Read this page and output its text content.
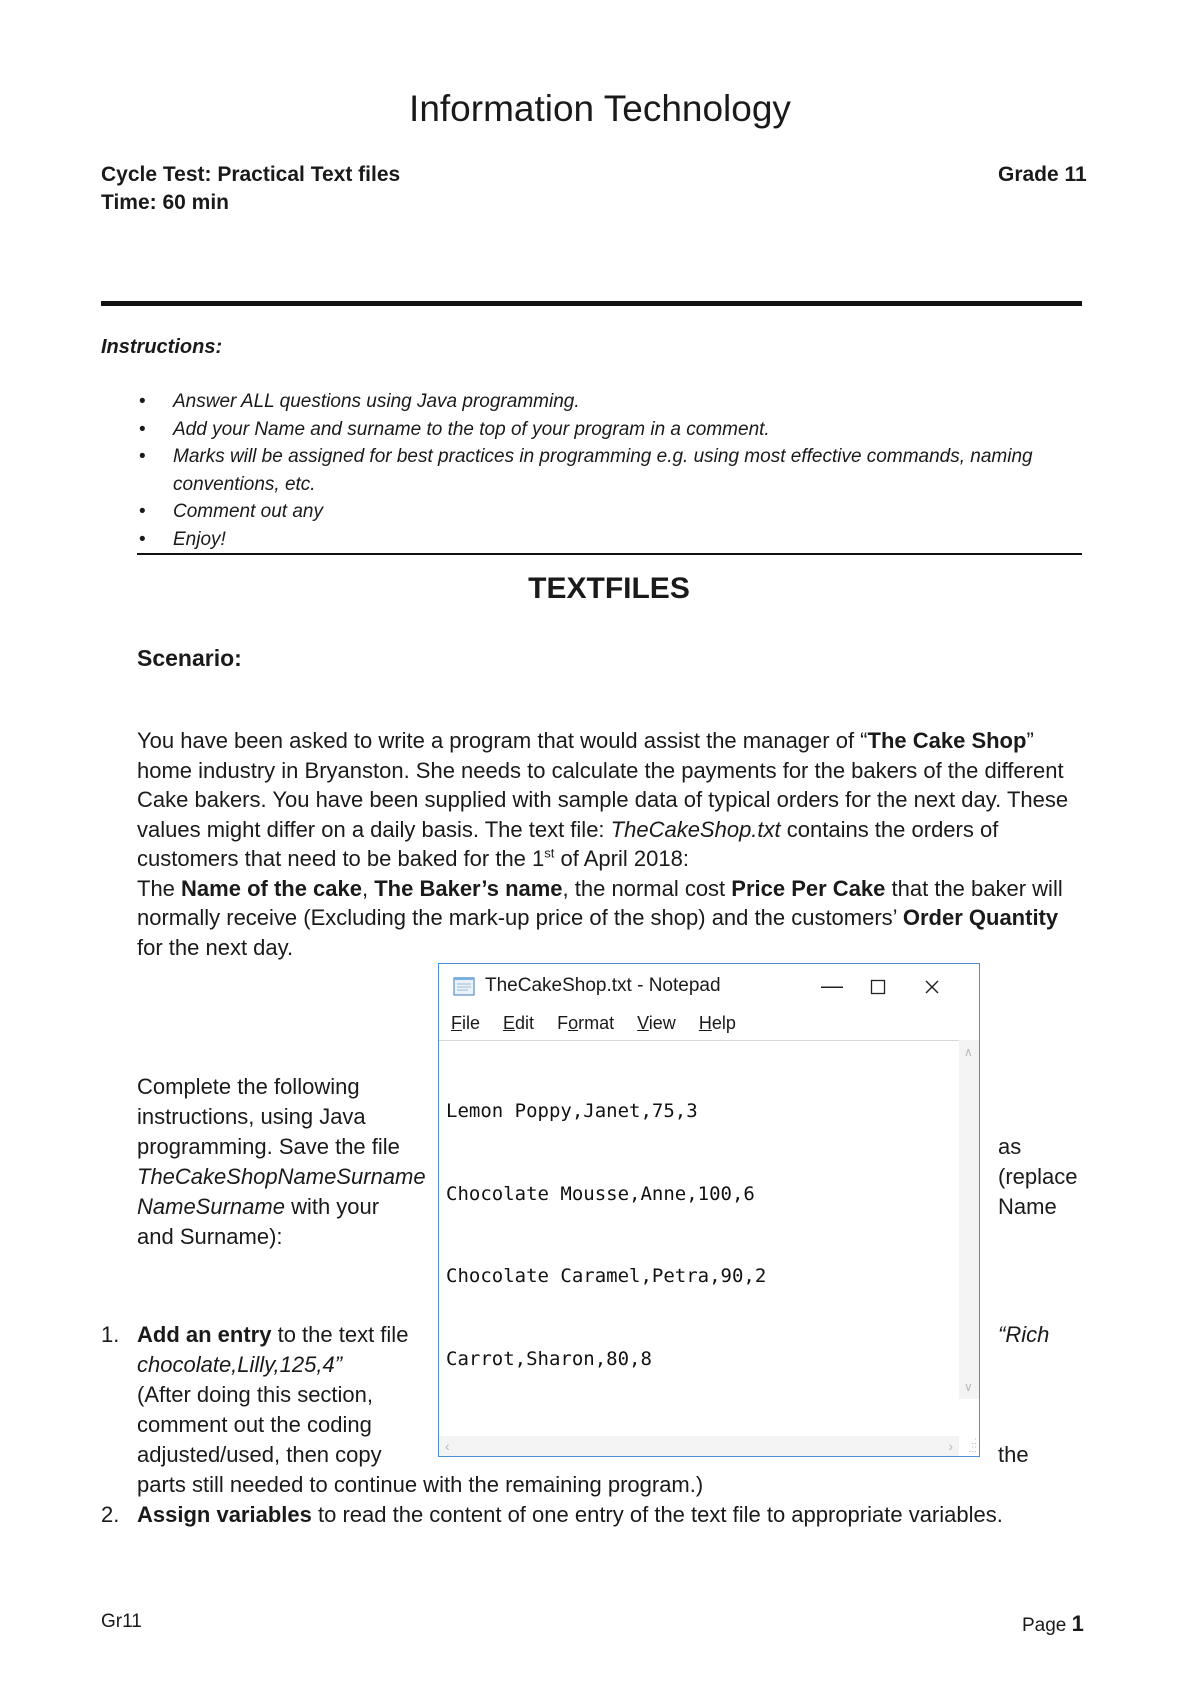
Information Technology
Cycle Test: Practical Text files	Grade 11
Time: 60 min
Instructions:
• Answer ALL questions using Java programming.
• Add your Name and surname to the top of your program in a comment.
• Marks will be assigned for best practices in programming e.g. using most effective commands, naming conventions, etc.
• Comment out any
• Enjoy!
TEXTFILES
Scenario:
You have been asked to write a program that would assist the manager of “The Cake Shop” home industry in Bryanston. She needs to calculate the payments for the bakers of the different Cake bakers. You have been supplied with sample data of typical orders for the next day. These values might differ on a daily basis. The text file: TheCakeShop.txt contains the orders of customers that need to be baked for the 1st of April 2018:
The Name of the cake, The Baker’s name, the normal cost Price Per Cake that the baker will normally receive (Excluding the mark-up price of the shop) and the customers’ Order Quantity for the next day.
Complete the following
instructions, using Java
programming. Save the file
TheCakeShopNameSurname
NameSurname with your
and Surname):
as
(replace
Name
1. Add an entry to the text file
chocolate,Lilly,125,4”
(After doing this section,
comment out the coding
adjusted/used, then copy
“Rich
the
parts still needed to continue with the remaining program.)
2. Assign variables to read the content of one entry of the text file to appropriate variables.
TheCakeShop.txt - Notepad	—
File Edit Format View Help

Lemon Poppy,Janet,75,3

Chocolate Mousse,Anne,100,6

Chocolate Caramel,Petra,90,2

Carrot,Sharon,80,8

∧
∨
‹	›	.:
.::
Gr11	Page 1
